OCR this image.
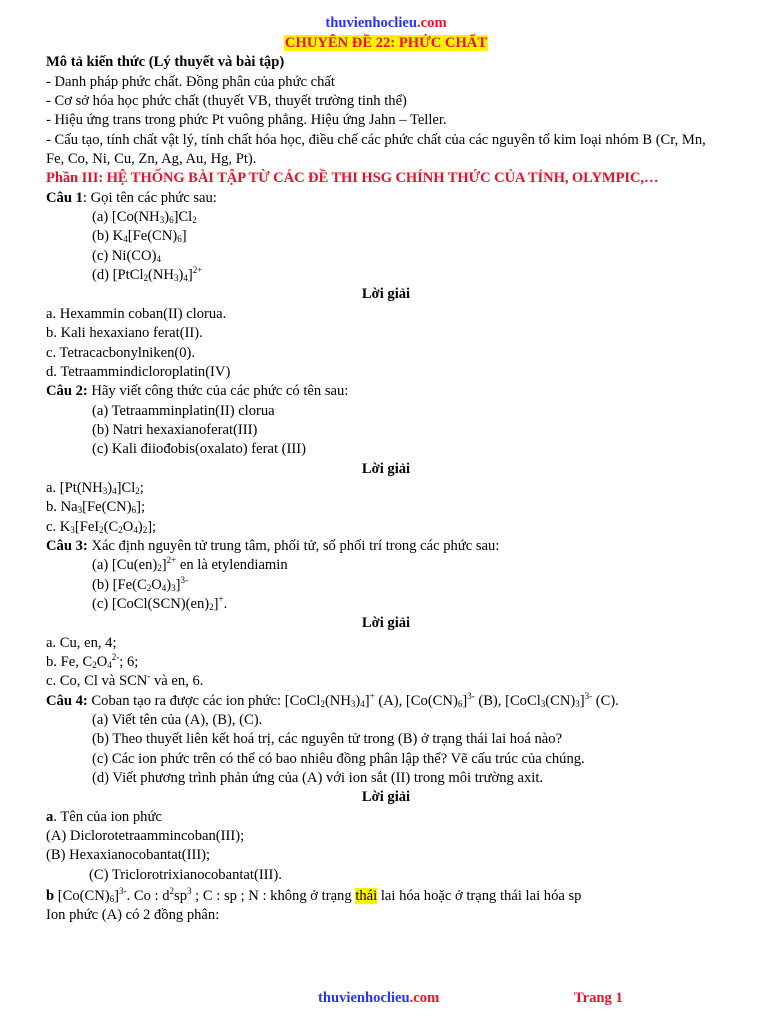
thuvienhoclieu.com
CHUYÊN ĐỀ 22: PHỨC CHẤT
Mô tả kiến thức (Lý thuyết và bài tập)
- Danh pháp phức chất. Đồng phân của phức chất
- Cơ sở hóa học phức chất (thuyết VB, thuyết trường tinh thể)
- Hiệu ứng trans trong phức Pt vuông phẳng. Hiệu ứng Jahn – Teller.
- Cấu tạo, tính chất vật lý, tính chất hóa học, điều chế các phức chất của các nguyên tố kim loại nhóm B (Cr, Mn, Fe, Co, Ni, Cu, Zn, Ag, Au, Hg, Pt).
Phần III: HỆ THỐNG BÀI TẬP TỪ CÁC ĐỀ THI HSG CHÍNH THỨC CỦA TỈNH, OLYMPIC,…
Câu 1: Gọi tên các phức sau:
(a) $[Co(NH_3)_6]Cl_2$
(b) $K_4[Fe(CN)_6]$
(c) $Ni(CO)_4$
(d) $[PtCl_2(NH_3)_4]^{2+}$
Lời giải
a. Hexammin coban(II) clorua.
b. Kali hexaxiano ferat(II).
c. Tetracacbonylniken(0).
d. Tetraammindicloroplatin(IV)
Câu 2: Hãy viết công thức của các phức có tên sau:
(a) Tetraamminplatin(II) clorua
(b) Natri hexaxianoferat(III)
(c) Kali điiođobis(oxalato) ferat (III)
Lời giải
a. $[Pt(NH_3)_4]Cl_2$;
b. $Na_3[Fe(CN)_6]$;
c. $K_3[FeI_2(C_2O_4)_2]$;
Câu 3: Xác định nguyên tử trung tâm, phối tử, số phối trí trong các phức sau:
(a) $[Cu(en)_2]^{2+}$ en là etylendiamin
(b) $[Fe(C_2O_4)_3]^{3-}$
(c) $[CoCl(SCN)(en)_2]^+$.
Lời giải
a. Cu, en, 4;
b. Fe, $C_2O_4^{2-}$; 6;
c. Co, Cl và SCN- và en, 6.
Câu 4: Coban tạo ra được các ion phức: $[CoCl_2(NH_3)_4]^+$ (A), $[Co(CN)_6]^{3-}$ (B), $[CoCl_3(CN)_3]^{3-}$ (C).
(a) Viết tên của (A), (B), (C).
(b) Theo thuyết liên kết hoá trị, các nguyên tử trong (B) ở trạng thái lai hoá nào?
(c) Các ion phức trên có thể có bao nhiêu đồng phân lập thể? Vẽ cấu trúc của chúng.
(d) Viết phương trình phản ứng của (A) với ion sắt (II) trong môi trường axit.
Lời giải
a. Tên của ion phức
(A) Diclorotetraammincoban(III);
(B) Hexaxianocobantat(III);
(C) Triclorotrixianocobantat(III).
b $[Co(CN)_6]^{3-}$. Co : $d^2sp^3$ ; C : sp ; N : không ở trạng thái lai hóa hoặc ở trạng thái lai hóa sp
Ion phức (A) có 2 đồng phân:
thuvienhoclieu.com	Trang 1
